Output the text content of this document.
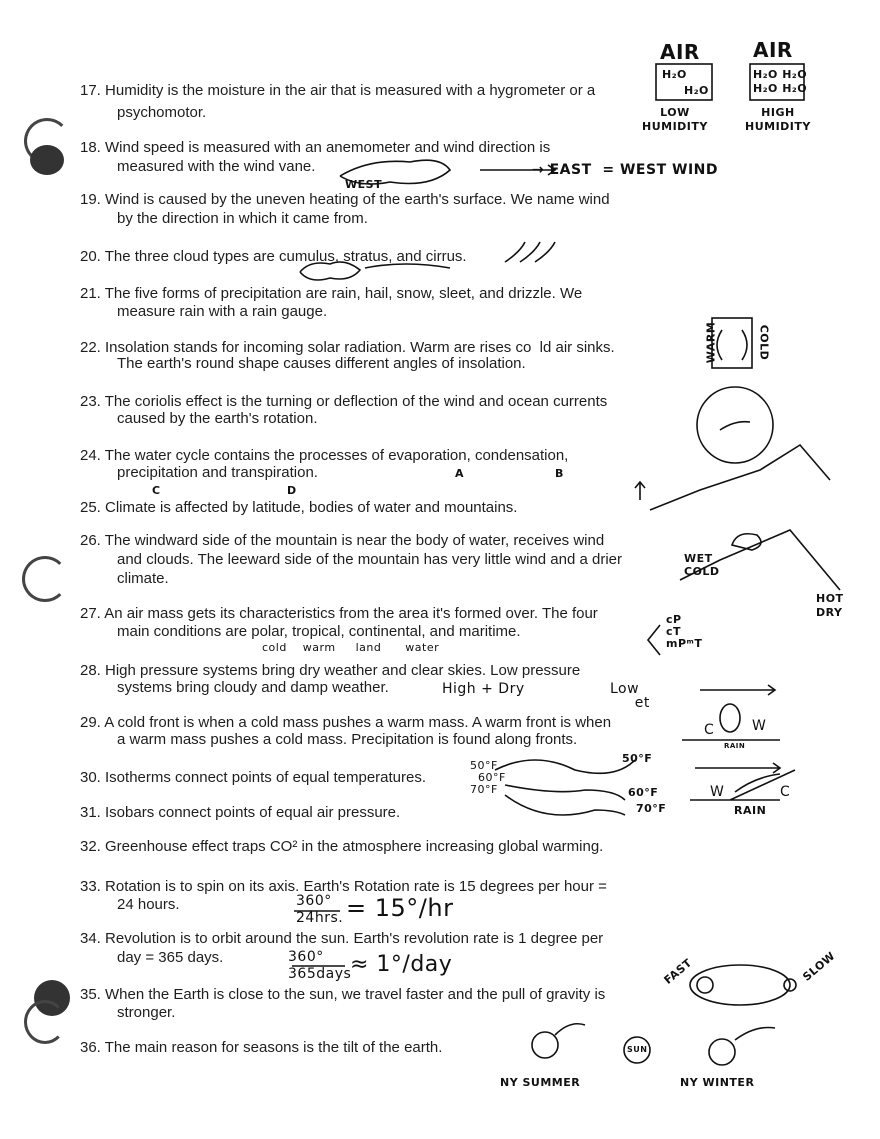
17. Humidity is the moisture in the air that is measured with a hygrometer or a
psychomotor.
18. Wind speed is measured with an anemometer and wind direction is
measured with the wind vane.
19. Wind is caused by the uneven heating of the earth's surface. We name wind
by the direction in which it came from.
20. The three cloud types are cumulus, stratus, and cirrus.
21. The five forms of precipitation are rain, hail, snow, sleet, and drizzle. We
measure rain with a rain gauge.
22. Insolation stands for incoming solar radiation. Warm are rises co  ld air sinks.
The earth's round shape causes different angles of insolation.
23. The coriolis effect is the turning or deflection of the wind and ocean currents
caused by the earth's rotation.
24. The water cycle contains the processes of evaporation, condensation,
precipitation and transpiration.
25. Climate is affected by latitude, bodies of water and mountains.
26. The windward side of the mountain is near the body of water, receives wind
and clouds. The leeward side of the mountain has very little wind and a drier
climate.
27. An air mass gets its characteristics from the area it's formed over. The four
main conditions are polar, tropical, continental, and maritime.
28. High pressure systems bring dry weather and clear skies. Low pressure
systems bring cloudy and damp weather.
29. A cold front is when a cold mass pushes a warm mass. A warm front is when
a warm mass pushes a cold mass. Precipitation is found along fronts.
30. Isotherms connect points of equal temperatures.
31. Isobars connect points of equal air pressure.
32. Greenhouse effect traps CO² in the atmosphere increasing global warming.
33. Rotation is to spin on its axis. Earth's Rotation rate is 15 degrees per hour =
24 hours.
34. Revolution is to orbit around the sun. Earth's revolution rate is 1 degree per
day = 365 days.
35. When the Earth is close to the sun, we travel faster and the pull of gravity is
stronger.
36. The main reason for seasons is the tilt of the earth.
AIR
H₂O
H₂O
LOW
HUMIDITY
AIR
H₂O H₂O
H₂O H₂O
HIGH
HUMIDITY
WEST
→ EAST  = WEST WIND
WARM	COLD
A	B
C	D
cold    warm     land      water
cP
cT
mPᵐT
High + Dry	Low
et
WET
COLD
HOT
DRY
50°F
60°F
70°F
50°F
60°F
70°F
C	W
RAIN
W	C
RAIN
360°
24hrs. = 15°/hr
360°
365days
≈ 1°/day	FAST	SLOW
SUN
NY SUMMER	NY WINTER
